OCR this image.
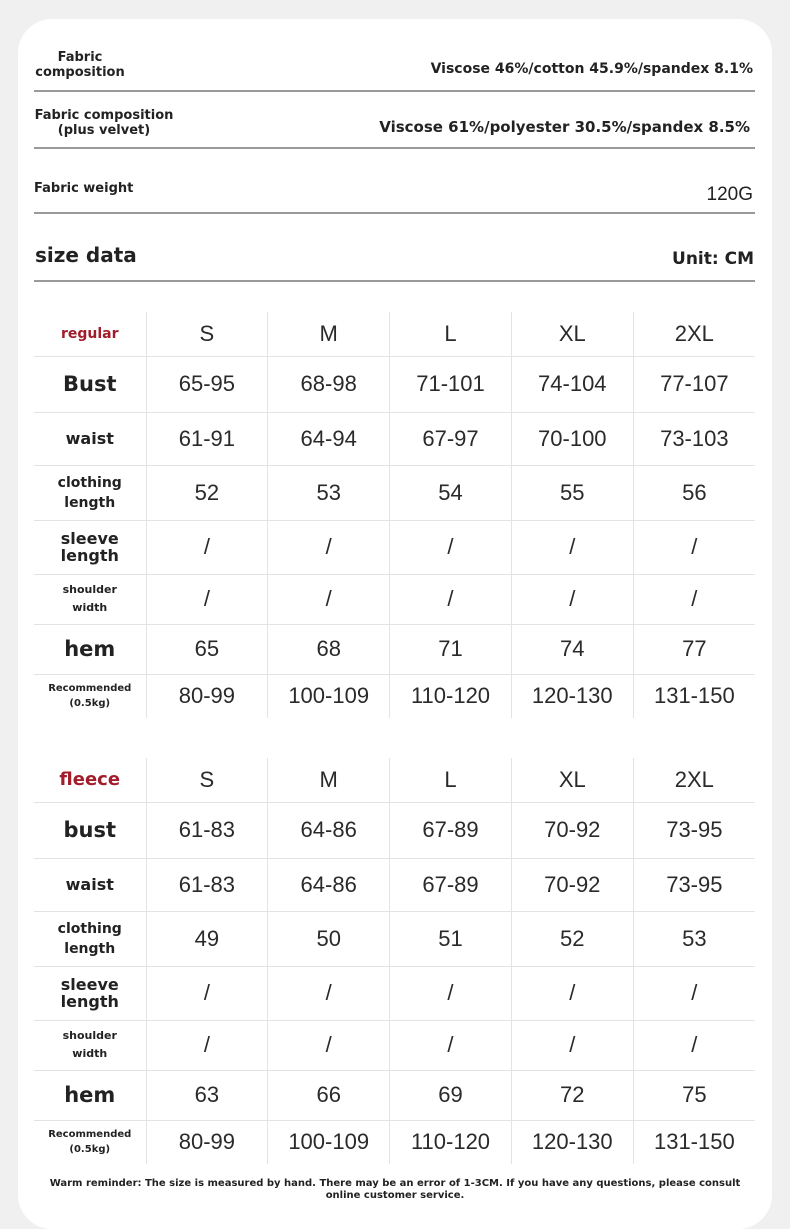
Fabric composition	Viscose 46%/cotton 45.9%/spandex 8.1%
Fabric composition (plus velvet)	Viscose 61%/polyester 30.5%/spandex 8.5%
Fabric weight	120G
size data	Unit: CM
regular	S	M	L	XL	2XL
Bust	65-95	68-98	71-101	74-104	77-107
waist	61-91	64-94	67-97	70-100	73-103
clothing length	52	53	54	55	56
sleeve length	/	/	/	/	/
shoulder width	/	/	/	/	/
hem	65	68	71	74	77
Recommended (0.5kg)	80-99	100-109	110-120	120-130	131-150
fleece	S	M	L	XL	2XL
bust	61-83	64-86	67-89	70-92	73-95
waist	61-83	64-86	67-89	70-92	73-95
clothing length	49	50	51	52	53
sleeve length	/	/	/	/	/
shoulder width	/	/	/	/	/
hem	63	66	69	72	75
Recommended (0.5kg)	80-99	100-109	110-120	120-130	131-150
Warm reminder: The size is measured by hand. There may be an error of 1-3CM. If you have any questions, please consult online customer service.
